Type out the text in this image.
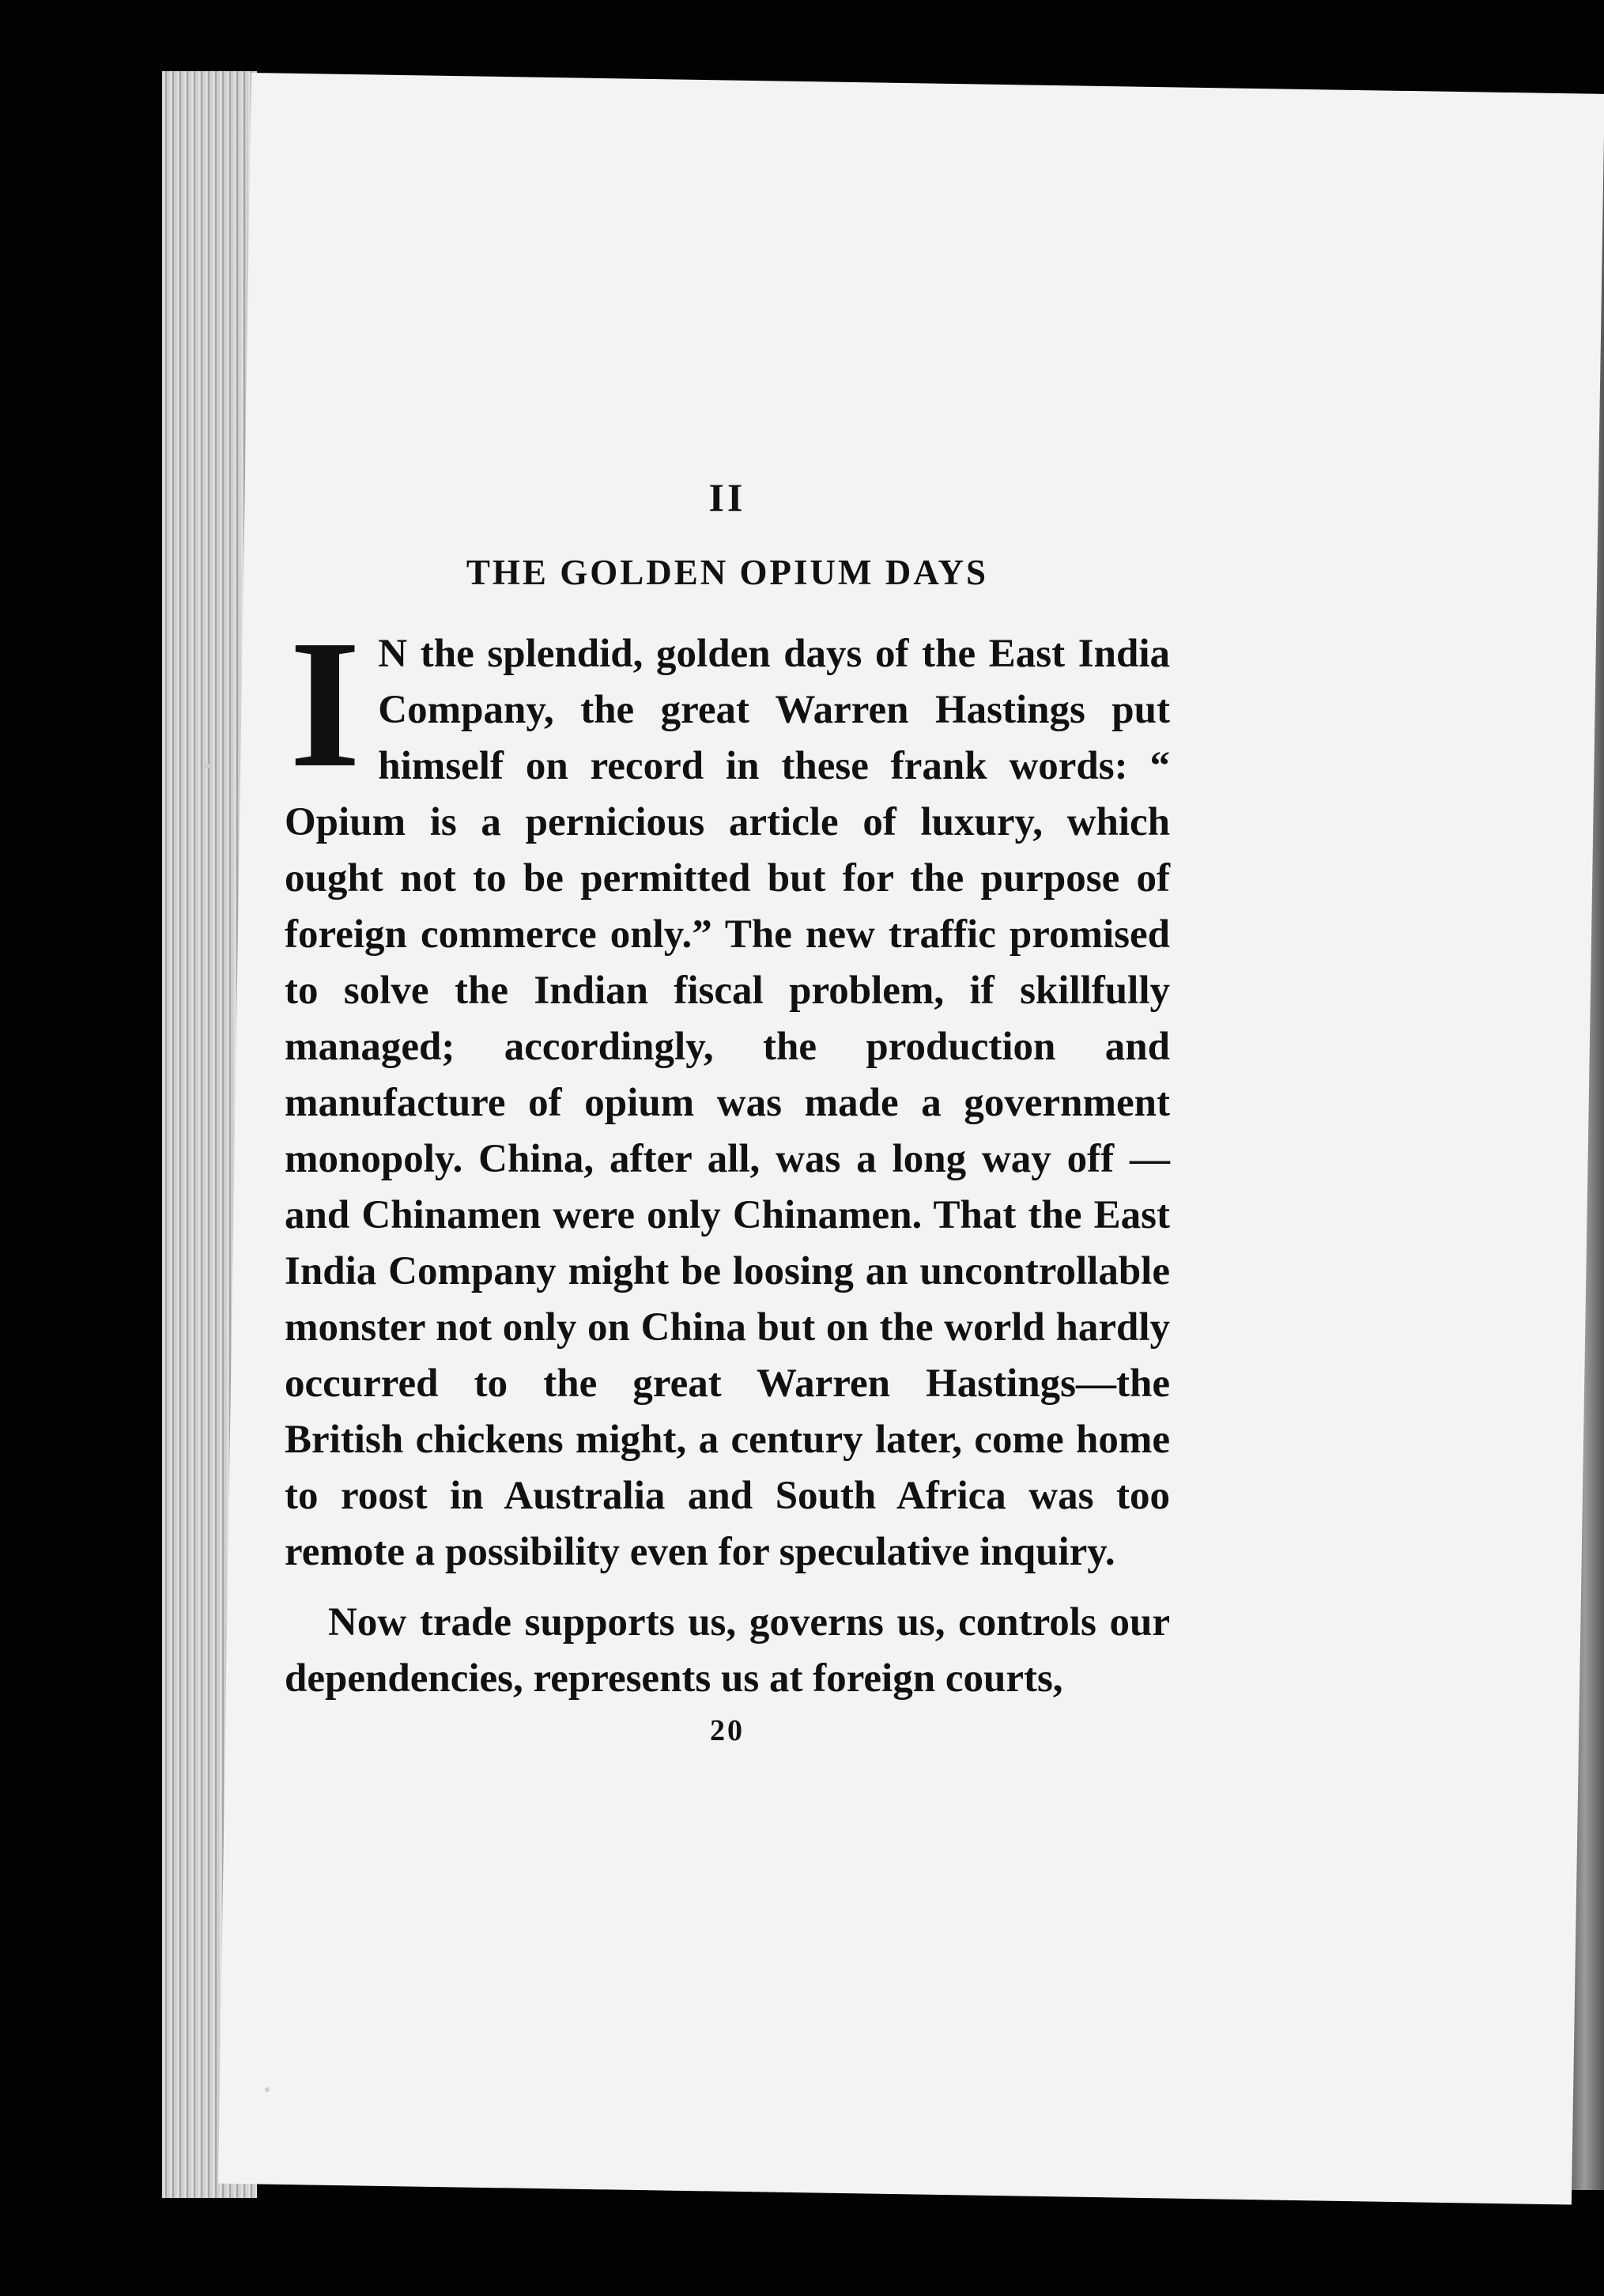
II
THE GOLDEN OPIUM DAYS

I N the splendid, golden days of the East India Company, the great Warren Hastings put himself on record in these frank words: “ Opium is a pernicious article of luxury, which ought not to be permitted but for the purpose of foreign commerce only.” The new traffic promised to solve the Indian fiscal problem, if skillfully managed; accordingly, the production and manufacture of opium was made a government monopoly. China, after all, was a long way off —and Chinamen were only Chinamen. That the East India Company might be loosing an uncontrollable monster not only on China but on the world hardly occurred to the great Warren Hastings—the British chickens might, a century later, come home to roost in Australia and South Africa was too remote a possibility even for speculative inquiry.

Now trade supports us, governs us, controls our dependencies, represents us at foreign courts,

20
